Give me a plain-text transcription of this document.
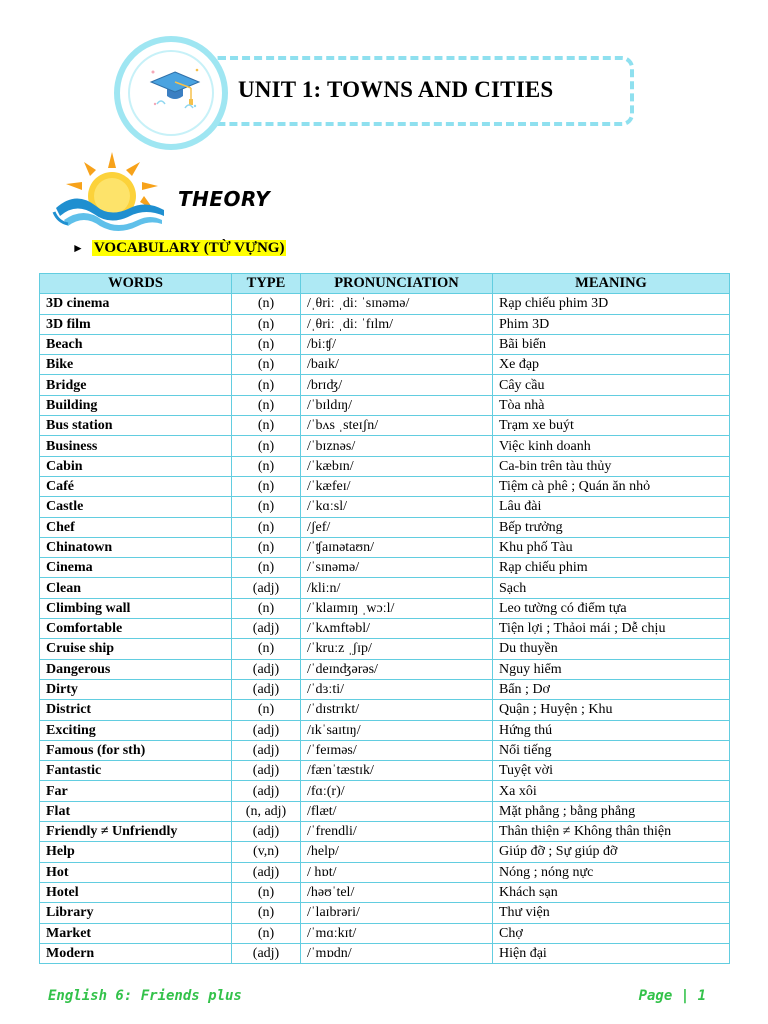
UNIT 1: TOWNS AND CITIES
THEORY
► VOCABULARY (TỪ VỰNG)
WORDS	TYPE	PRONUNCIATION	MEANING
3D cinema	(n)	/ˌθriː ˌdiː ˈsɪnəmə/	Rạp chiếu phim 3D
3D film	(n)	/ˌθriː ˌdiː ˈfɪlm/	Phim 3D
Beach	(n)	/biːʧ/	Bãi biển
Bike	(n)	/baɪk/	Xe đạp
Bridge	(n)	/brɪʤ/	Cây cầu
Building	(n)	/ˈbɪldɪŋ/	Tòa nhà
Bus station	(n)	/ˈbʌs ˌsteɪʃn/	Trạm xe buýt
Business	(n)	/ˈbɪznəs/	Việc kinh doanh
Cabin	(n)	/ˈkæbɪn/	Ca-bin trên tàu thủy
Café	(n)	/ˈkæfeɪ/	Tiệm cà phê ; Quán ăn nhỏ
Castle	(n)	/ˈkɑːsl/	Lâu đài
Chef	(n)	/ʃef/	Bếp trưởng
Chinatown	(n)	/ˈʧaɪnətaʊn/	Khu phố Tàu
Cinema	(n)	/ˈsɪnəmə/	Rạp chiếu phim
Clean	(adj)	/kliːn/	Sạch
Climbing wall	(n)	/ˈklaɪmɪŋ ˌwɔːl/	Leo tường có điểm tựa
Comfortable	(adj)	/ˈkʌmftəbl/	Tiện lợi ; Thảoi mái ; Dễ chịu
Cruise ship	(n)	/ˈkruːz ˌʃɪp/	Du thuyền
Dangerous	(adj)	/ˈdeɪnʤərəs/	Nguy hiểm
Dirty	(adj)	/ˈdɜːti/	Bẩn ; Dơ
District	(n)	/ˈdɪstrɪkt/	Quận ; Huyện ; Khu
Exciting	(adj)	/ɪkˈsaɪtɪŋ/	Hứng thú
Famous (for sth)	(adj)	/ˈfeɪməs/	Nổi tiếng
Fantastic	(adj)	/fænˈtæstɪk/	Tuyệt vời
Far	(adj)	/fɑː(r)/	Xa xôi
Flat	(n, adj)	/flæt/	Mặt phẳng ; bằng phẳng
Friendly ≠ Unfriendly	(adj)	/ˈfrendli/	Thân thiện ≠ Không thân thiện
Help	(v,n)	/help/	Giúp đỡ ; Sự giúp đỡ
Hot	(adj)	/ hɒt/	Nóng ; nóng nực
Hotel	(n)	/həʊˈtel/	Khách sạn
Library	(n)	/ˈlaɪbrəri/	Thư viện
Market	(n)	/ˈmɑːkɪt/	Chợ
Modern	(adj)	/ˈmɒdn/	Hiện đại
English 6: Friends plus	Page | 1
